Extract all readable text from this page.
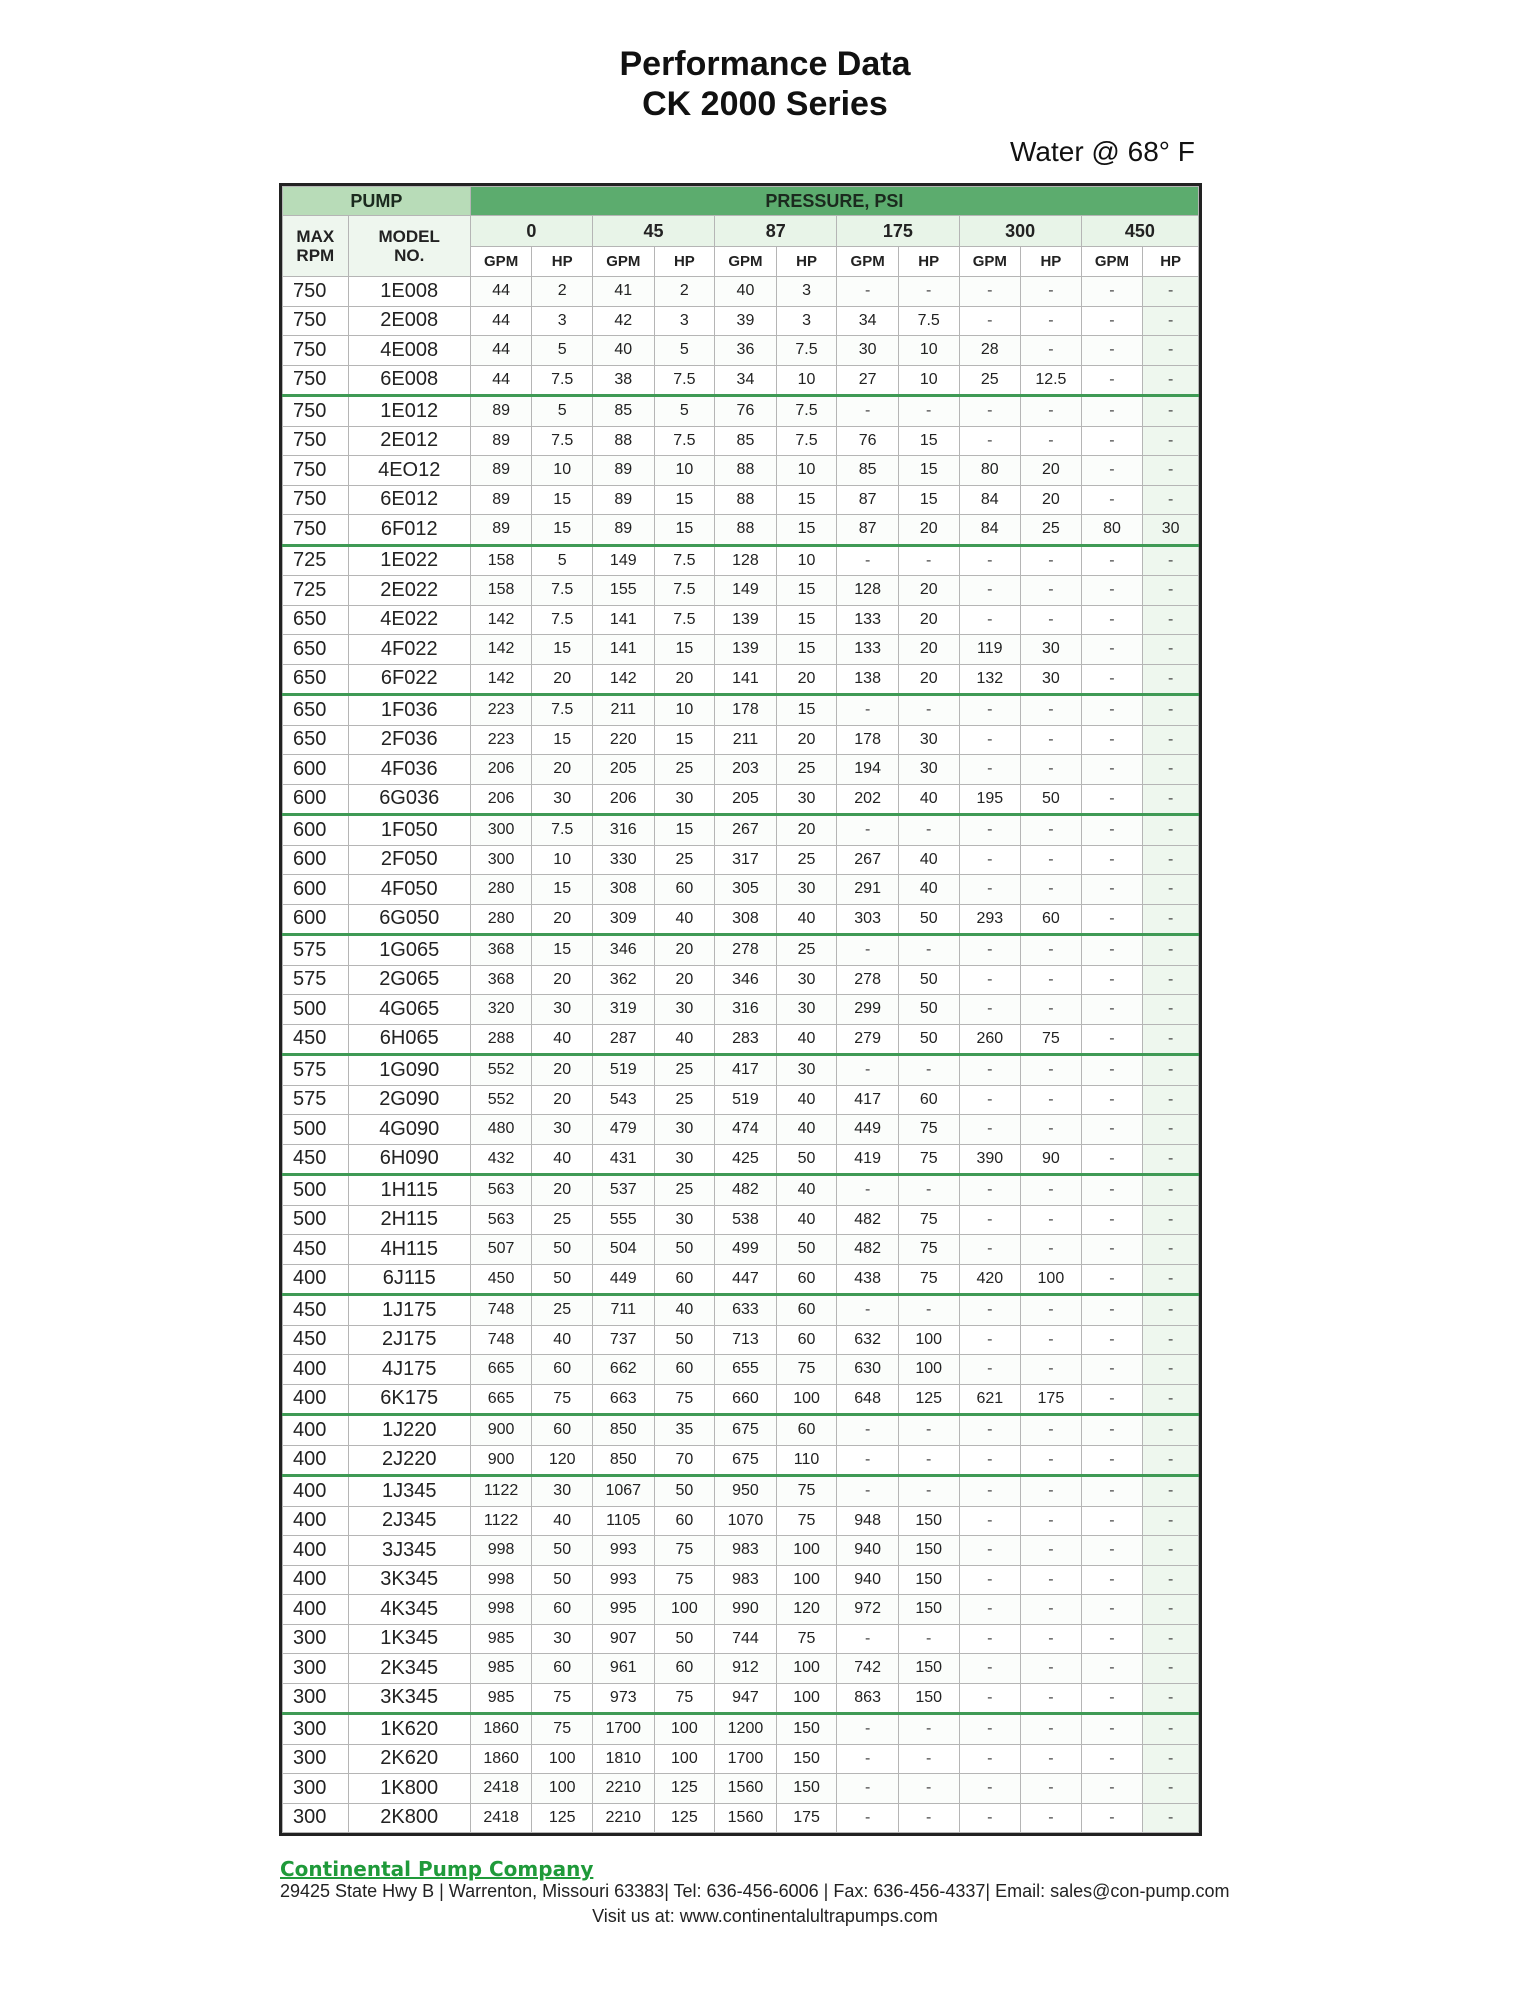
Performance Data
CK 2000 Series
Water @ 68° F
PUMP		PRESSURE, PSI											
MAX
RPM	MODEL
NO.	0		45		87		175		300		450	
		GPM	HP	GPM	HP	GPM	HP	GPM	HP	GPM	HP	GPM	HP
750	1E008	44	2	41	2	40	3	-	-	-	-	-	-
750	2E008	44	3	42	3	39	3	34	7.5	-	-	-	-
750	4E008	44	5	40	5	36	7.5	30	10	28	-	-	-
750	6E008	44	7.5	38	7.5	34	10	27	10	25	12.5	-	-
750	1E012	89	5	85	5	76	7.5	-	-	-	-	-	-
750	2E012	89	7.5	88	7.5	85	7.5	76	15	-	-	-	-
750	4EO12	89	10	89	10	88	10	85	15	80	20	-	-
750	6E012	89	15	89	15	88	15	87	15	84	20	-	-
750	6F012	89	15	89	15	88	15	87	20	84	25	80	30
725	1E022	158	5	149	7.5	128	10	-	-	-	-	-	-
725	2E022	158	7.5	155	7.5	149	15	128	20	-	-	-	-
650	4E022	142	7.5	141	7.5	139	15	133	20	-	-	-	-
650	4F022	142	15	141	15	139	15	133	20	119	30	-	-
650	6F022	142	20	142	20	141	20	138	20	132	30	-	-
650	1F036	223	7.5	211	10	178	15	-	-	-	-	-	-
650	2F036	223	15	220	15	211	20	178	30	-	-	-	-
600	4F036	206	20	205	25	203	25	194	30	-	-	-	-
600	6G036	206	30	206	30	205	30	202	40	195	50	-	-
600	1F050	300	7.5	316	15	267	20	-	-	-	-	-	-
600	2F050	300	10	330	25	317	25	267	40	-	-	-	-
600	4F050	280	15	308	60	305	30	291	40	-	-	-	-
600	6G050	280	20	309	40	308	40	303	50	293	60	-	-
575	1G065	368	15	346	20	278	25	-	-	-	-	-	-
575	2G065	368	20	362	20	346	30	278	50	-	-	-	-
500	4G065	320	30	319	30	316	30	299	50	-	-	-	-
450	6H065	288	40	287	40	283	40	279	50	260	75	-	-
575	1G090	552	20	519	25	417	30	-	-	-	-	-	-
575	2G090	552	20	543	25	519	40	417	60	-	-	-	-
500	4G090	480	30	479	30	474	40	449	75	-	-	-	-
450	6H090	432	40	431	30	425	50	419	75	390	90	-	-
500	1H115	563	20	537	25	482	40	-	-	-	-	-	-
500	2H115	563	25	555	30	538	40	482	75	-	-	-	-
450	4H115	507	50	504	50	499	50	482	75	-	-	-	-
400	6J115	450	50	449	60	447	60	438	75	420	100	-	-
450	1J175	748	25	711	40	633	60	-	-	-	-	-	-
450	2J175	748	40	737	50	713	60	632	100	-	-	-	-
400	4J175	665	60	662	60	655	75	630	100	-	-	-	-
400	6K175	665	75	663	75	660	100	648	125	621	175	-	-
400	1J220	900	60	850	35	675	60	-	-	-	-	-	-
400	2J220	900	120	850	70	675	110	-	-	-	-	-	-
400	1J345	1122	30	1067	50	950	75	-	-	-	-	-	-
400	2J345	1122	40	1105	60	1070	75	948	150	-	-	-	-
400	3J345	998	50	993	75	983	100	940	150	-	-	-	-
400	3K345	998	50	993	75	983	100	940	150	-	-	-	-
400	4K345	998	60	995	100	990	120	972	150	-	-	-	-
300	1K345	985	30	907	50	744	75	-	-	-	-	-	-
300	2K345	985	60	961	60	912	100	742	150	-	-	-	-
300	3K345	985	75	973	75	947	100	863	150	-	-	-	-
300	1K620	1860	75	1700	100	1200	150	-	-	-	-	-	-
300	2K620	1860	100	1810	100	1700	150	-	-	-	-	-	-
300	1K800	2418	100	2210	125	1560	150	-	-	-	-	-	-
300	2K800	2418	125	2210	125	1560	175	-	-	-	-	-	-
Continental Pump Company
29425 State Hwy B | Warrenton, Missouri 63383| Tel: 636-456-6006 | Fax: 636-456-4337| Email: sales@con-pump.com
Visit us at: www.continentalultrapumps.com
